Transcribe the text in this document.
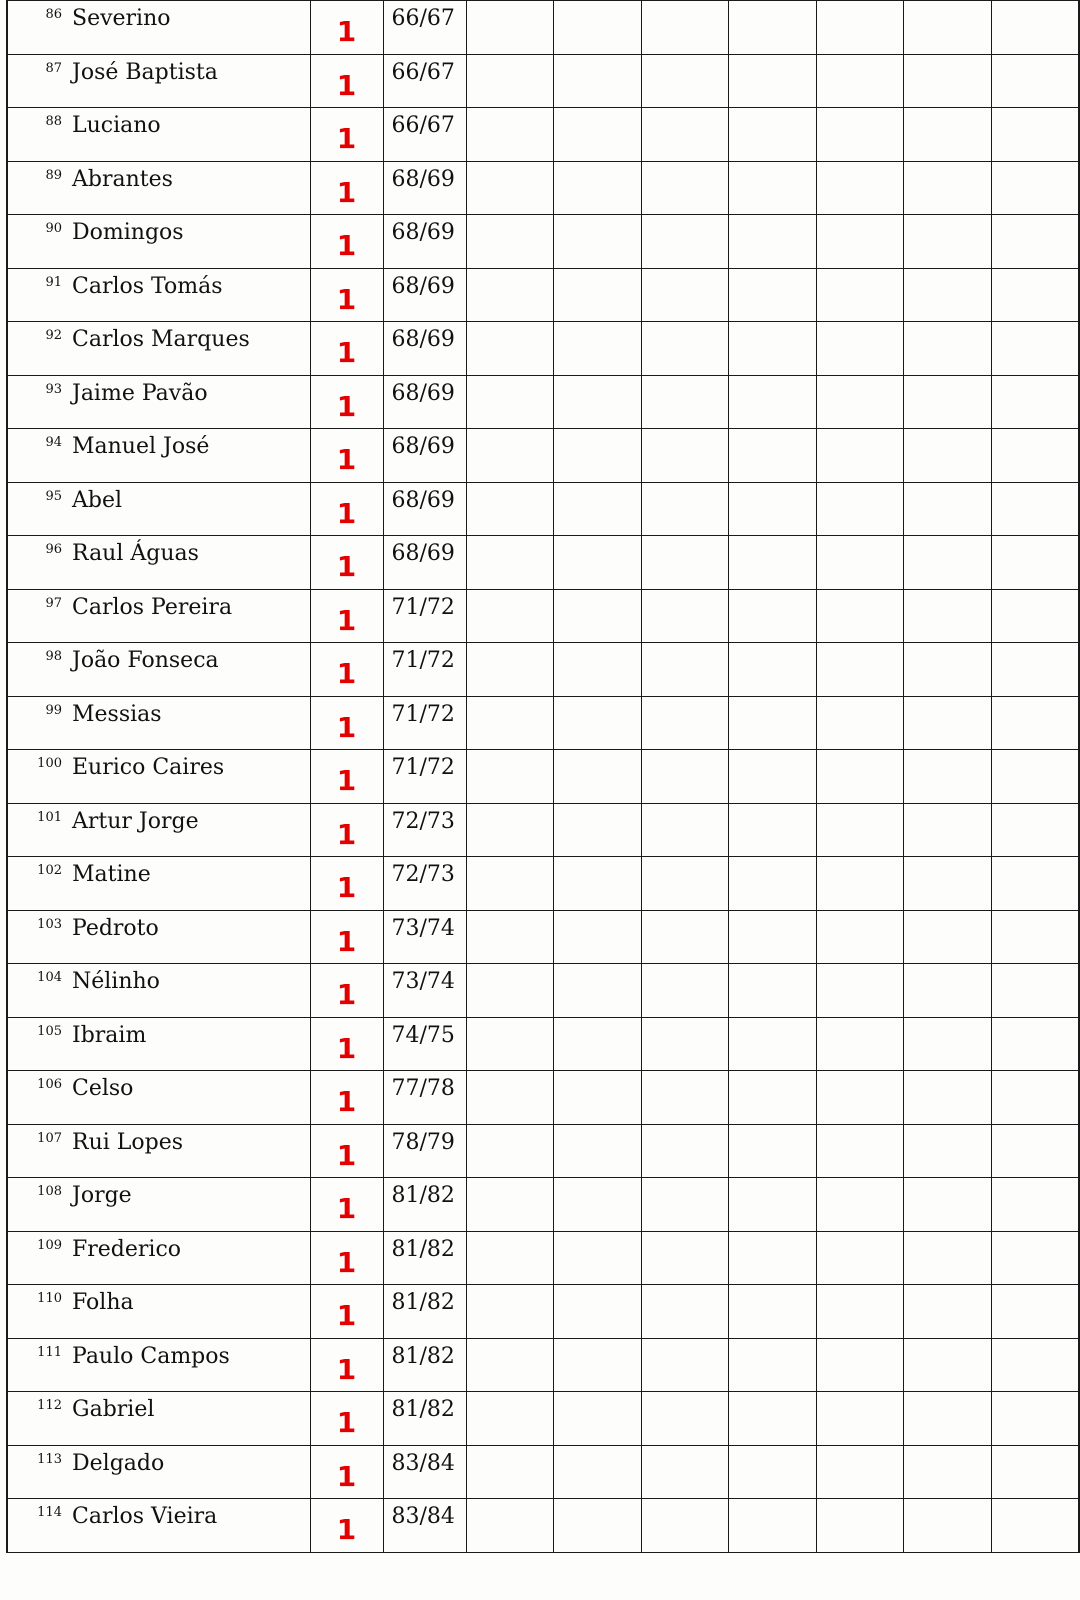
86 Severino	1	66/67							

87 José Baptista	1	66/67							

88 Luciano	1	66/67							

89 Abrantes	1	68/69							

90 Domingos	1	68/69							

91 Carlos Tomás	1	68/69							

92 Carlos Marques	1	68/69							

93 Jaime Pavão	1	68/69							

94 Manuel José	1	68/69							

95 Abel	1	68/69							

96 Raul Águas	1	68/69							

97 Carlos Pereira	1	71/72							

98 João Fonseca	1	71/72							

99 Messias	1	71/72							

100 Eurico Caires	1	71/72							

101 Artur Jorge	1	72/73							

102 Matine	1	72/73							

103 Pedroto	1	73/74							

104 Nélinho	1	73/74							

105 Ibraim	1	74/75							

106 Celso	1	77/78							

107 Rui Lopes	1	78/79							

108 Jorge	1	81/82							

109 Frederico	1	81/82							

110 Folha	1	81/82							

111 Paulo Campos	1	81/82							

112 Gabriel	1	81/82							

113 Delgado	1	83/84							

114 Carlos Vieira	1	83/84							
